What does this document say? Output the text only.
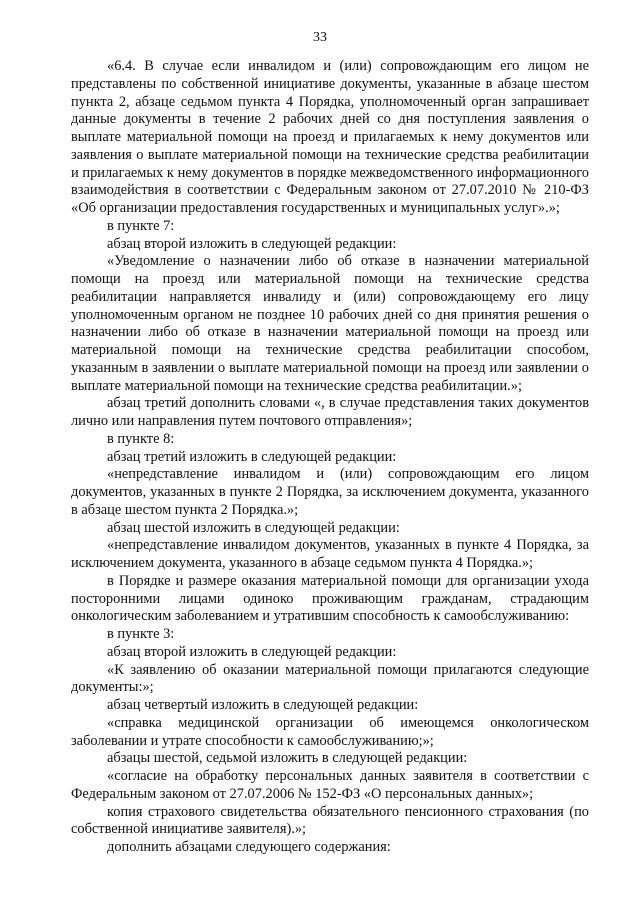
33

«6.4. В случае если инвалидом и (или) сопровождающим его лицом не представлены по собственной инициативе документы, указанные в абзаце шестом пункта 2, абзаце седьмом пункта 4 Порядка, уполномоченный орган запрашивает данные документы в течение 2 рабочих дней со дня поступления заявления о выплате материальной помощи на проезд и прилагаемых к нему документов или заявления о выплате материальной помощи на технические средства реабилитации и прилагаемых к нему документов в порядке межведомственного информационного взаимодействия в соответствии с Федеральным законом от 27.07.2010 № 210-ФЗ «Об организации предоставления государственных и муниципальных услуг».»;

в пункте 7:

абзац второй изложить в следующей редакции:

«Уведомление о назначении либо об отказе в назначении материальной помощи на проезд или материальной помощи на технические средства реабилитации направляется инвалиду и (или) сопровождающему его лицу уполномоченным органом не позднее 10 рабочих дней со дня принятия решения о назначении либо об отказе в назначении материальной помощи на проезд или материальной помощи на технические средства реабилитации способом, указанным в заявлении о выплате материальной помощи на проезд или заявлении о выплате материальной помощи на технические средства реабилитации.»;

абзац третий дополнить словами «, в случае представления таких документов лично или направления путем почтового отправления»;

в пункте 8:

абзац третий изложить в следующей редакции:

«непредставление инвалидом и (или) сопровождающим его лицом документов, указанных в пункте 2 Порядка, за исключением документа, указанного в абзаце шестом пункта 2 Порядка.»;

абзац шестой изложить в следующей редакции:

«непредставление инвалидом документов, указанных в пункте 4 Порядка, за исключением документа, указанного в абзаце седьмом пункта 4 Порядка.»;

в Порядке и размере оказания материальной помощи для организации ухода посторонними лицами одиноко проживающим гражданам, страдающим онкологическим заболеванием и утратившим способность к самообслуживанию:

в пункте 3:

абзац второй изложить в следующей редакции:

«К заявлению об оказании материальной помощи прилагаются следующие документы:»;

абзац четвертый изложить в следующей редакции:

«справка медицинской организации об имеющемся онкологическом заболевании и утрате способности к самообслуживанию;»;

абзацы шестой, седьмой изложить в следующей редакции:

«согласие на обработку персональных данных заявителя в соответствии с Федеральным законом от 27.07.2006 № 152-ФЗ «О персональных данных»;

копия страхового свидетельства обязательного пенсионного страхования (по собственной инициативе заявителя).»;

дополнить абзацами следующего содержания:
